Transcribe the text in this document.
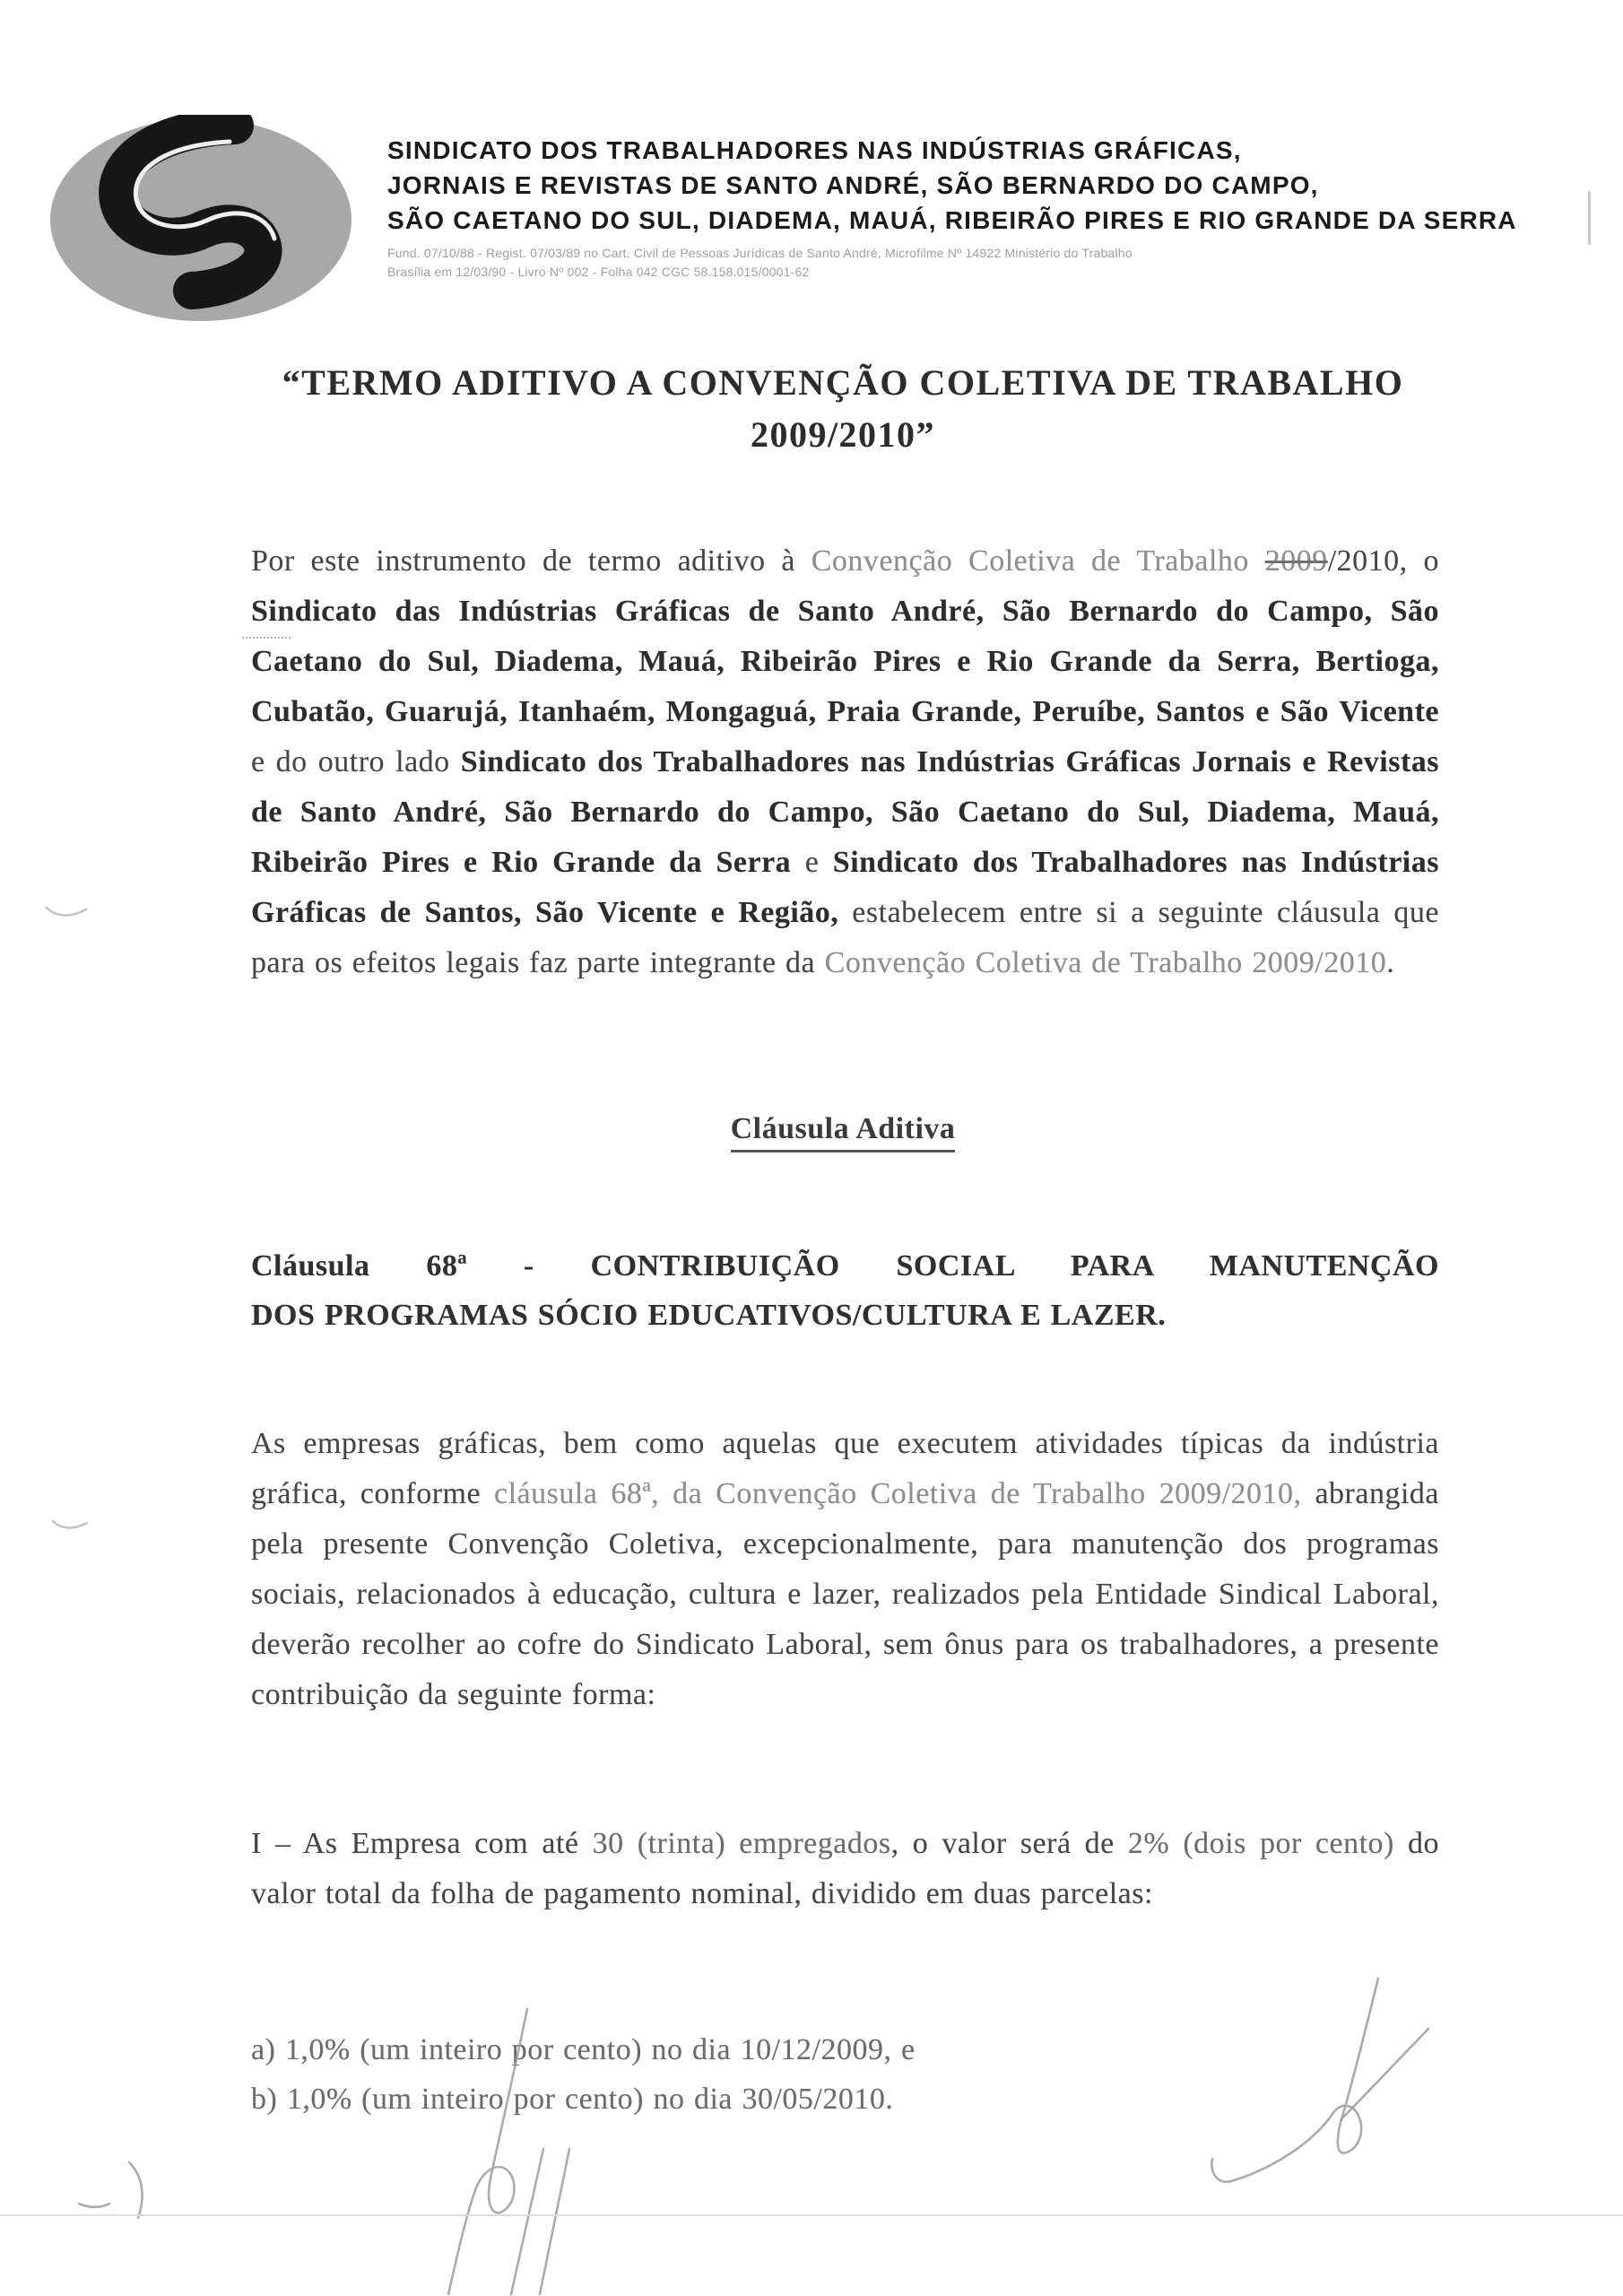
SINDICATO DOS TRABALHADORES NAS INDÚSTRIAS GRÁFICAS,
JORNAIS E REVISTAS DE SANTO ANDRÉ, SÃO BERNARDO DO CAMPO,
SÃO CAETANO DO SUL, DIADEMA, MAUÁ, RIBEIRÃO PIRES E RIO GRANDE DA SERRA
Fund. 07/10/88 - Regist. 07/03/89 no Cart. Civil de Pessoas Jurídicas de Santo André, Microfilme Nº 14922 Ministério do Trabalho
Brasília em 12/03/90 - Livro Nº 002 - Folha 042 CGC 58.158.015/0001-62
“TERMO ADITIVO A CONVENÇÃO COLETIVA DE TRABALHO
2009/2010”

Por este instrumento de termo aditivo à Convenção Coletiva de Trabalho 2009/2010, o Sindicato das Indústrias Gráficas de Santo André, São Bernardo do Campo, São Caetano do Sul, Diadema, Mauá, Ribeirão Pires e Rio Grande da Serra, Bertioga, Cubatão, Guarujá, Itanhaém, Mongaguá, Praia Grande, Peruíbe, Santos e São Vicente e do outro lado Sindicato dos Trabalhadores nas Indústrias Gráficas Jornais e Revistas de Santo André, São Bernardo do Campo, São Caetano do Sul, Diadema, Mauá, Ribeirão Pires e Rio Grande da Serra e Sindicato dos Trabalhadores nas Indústrias Gráficas de Santos, São Vicente e Região, estabelecem entre si a seguinte cláusula que para os efeitos legais faz parte integrante da Convenção Coletiva de Trabalho 2009/2010.

Cláusula Aditiva

Cláusula 68ª - CONTRIBUIÇÃO SOCIAL PARA MANUTENÇÃO
DOS PROGRAMAS SÓCIO EDUCATIVOS/CULTURA E LAZER.

As empresas gráficas, bem como aquelas que executem atividades típicas da indústria gráfica, conforme cláusula 68ª, da Convenção Coletiva de Trabalho 2009/2010, abrangida pela presente Convenção Coletiva, excepcionalmente, para manutenção dos programas sociais, relacionados à educação, cultura e lazer, realizados pela Entidade Sindical Laboral, deverão recolher ao cofre do Sindicato Laboral, sem ônus para os trabalhadores, a presente contribuição da seguinte forma:

I – As Empresa com até 30 (trinta) empregados, o valor será de 2% (dois por cento) do valor total da folha de pagamento nominal, dividido em duas parcelas:

a) 1,0% (um inteiro por cento) no dia 10/12/2009, e
b) 1,0% (um inteiro por cento) no dia 30/05/2010.
